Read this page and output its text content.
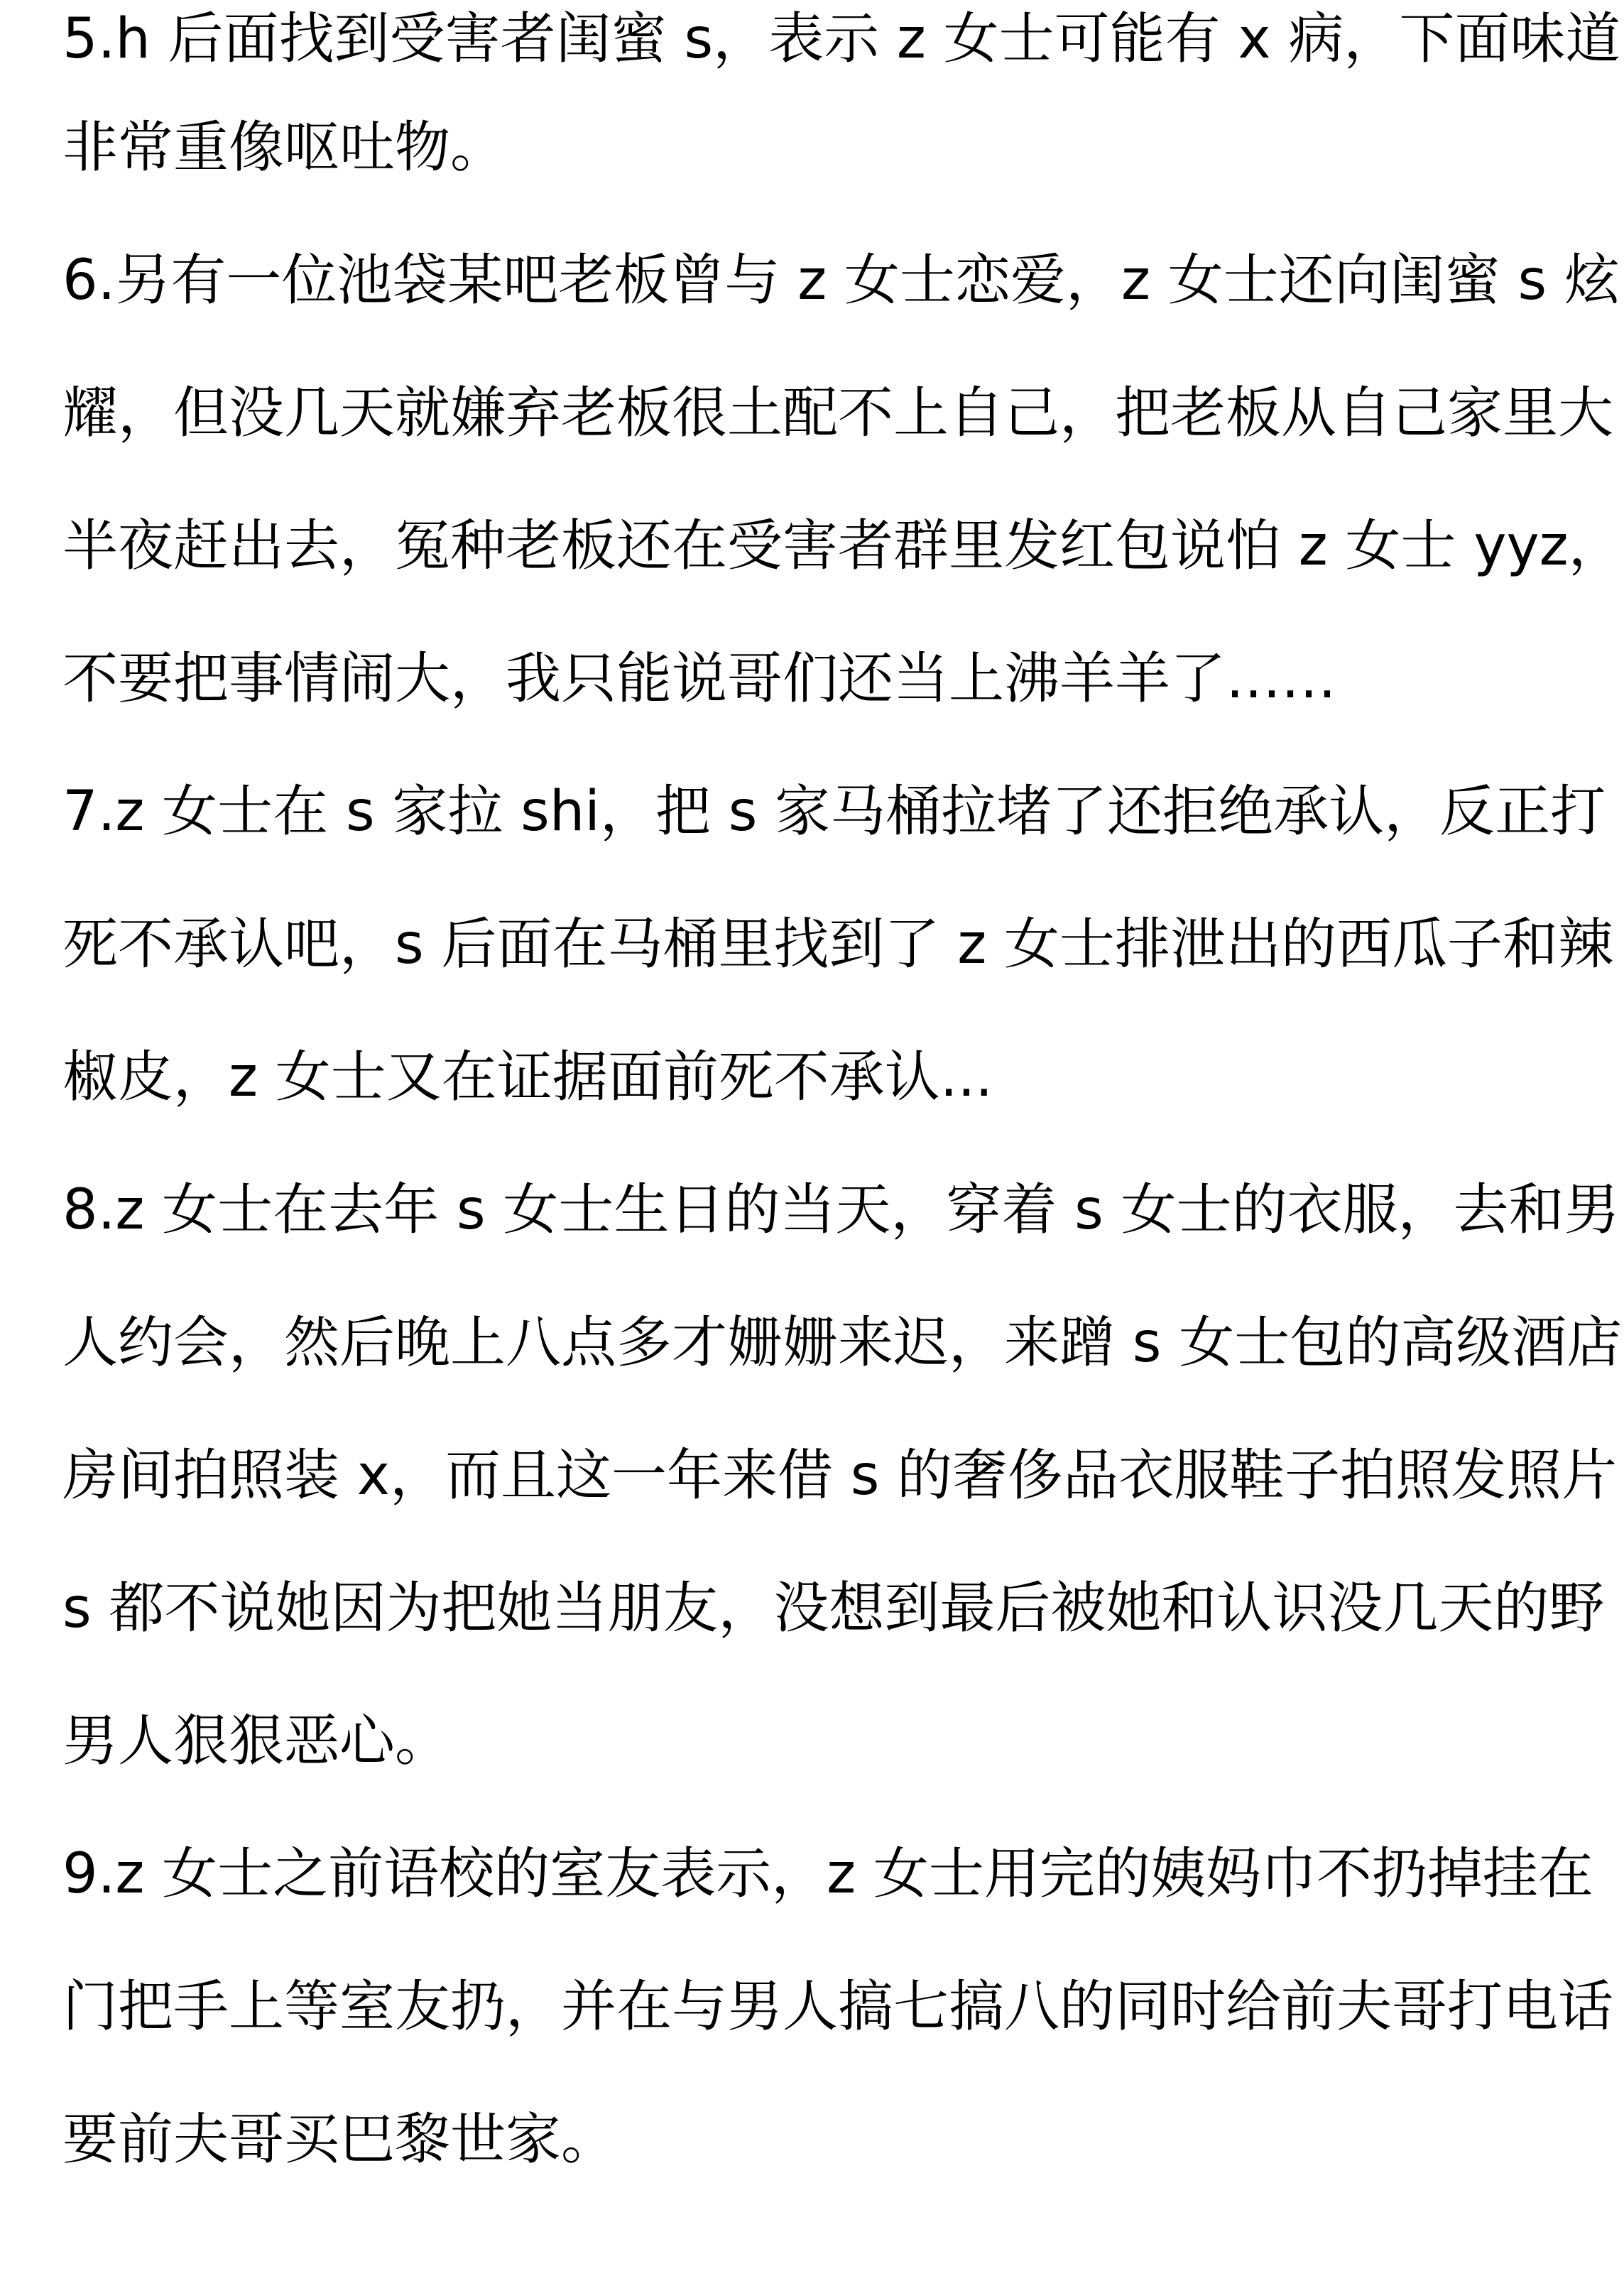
5.h 后面找到受害者闺蜜 s，表示 z 女士可能有 x 病，下面味道
非常重像呕吐物。
6.另有一位池袋某吧老板曾与 z 女士恋爱，z 女士还向闺蜜 s 炫
耀，但没几天就嫌弃老板很土配不上自己，把老板从自己家里大
半夜赶出去，冤种老板还在受害者群里发红包说怕 z 女士 yyz，
不要把事情闹大，我只能说哥们还当上沸羊羊了……
7.z 女士在 s 家拉 shi，把 s 家马桶拉堵了还拒绝承认，反正打
死不承认吧，s 后面在马桶里找到了 z 女士排泄出的西瓜子和辣
椒皮，z 女士又在证据面前死不承认...
8.z 女士在去年 s 女士生日的当天，穿着 s 女士的衣服，去和男
人约会，然后晚上八点多才姗姗来迟，来蹭 s 女士包的高级酒店
房间拍照装 x，而且这一年来借 s 的奢侈品衣服鞋子拍照发照片
s 都不说她因为把她当朋友，没想到最后被她和认识没几天的野
男人狠狠恶心。
9.z 女士之前语校的室友表示，z 女士用完的姨妈巾不扔掉挂在
门把手上等室友扔，并在与男人搞七搞八的同时给前夫哥打电话
要前夫哥买巴黎世家。
